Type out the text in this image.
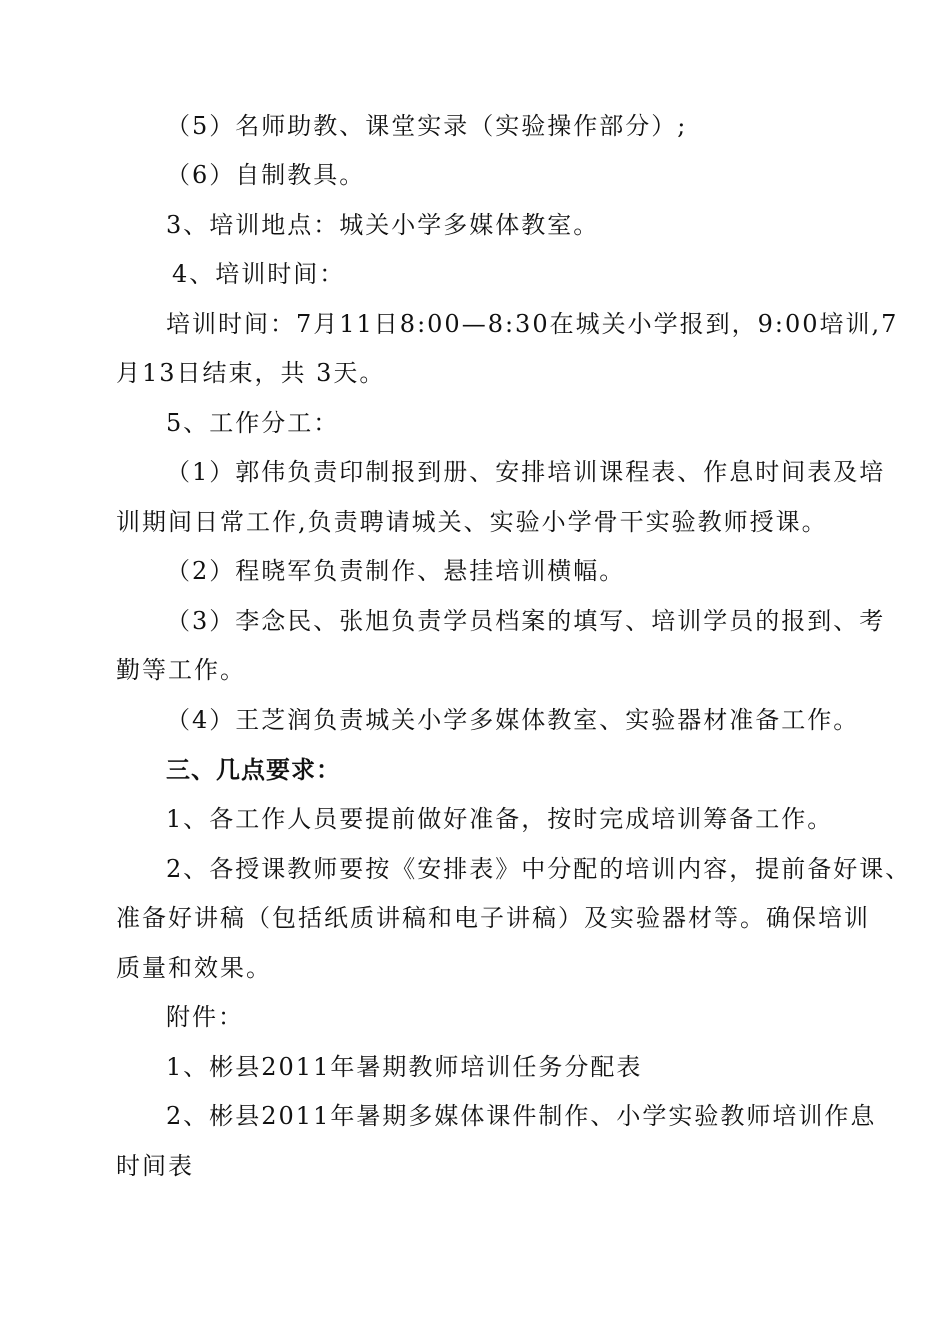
（5）名师助教、课堂实录（实验操作部分）;
（6）自制教具。
3、培训地点：城关小学多媒体教室。
4、培训时间：
培训时间：7月11日8:00—8:30在城关小学报到，9:00培训,7
月13日结束，共 3天。
5、工作分工：
（1）郭伟负责印制报到册、安排培训课程表、作息时间表及培
训期间日常工作,负责聘请城关、实验小学骨干实验教师授课。
（2）程晓军负责制作、悬挂培训横幅。
（3）李念民、张旭负责学员档案的填写、培训学员的报到、考
勤等工作。
（4）王芝润负责城关小学多媒体教室、实验器材准备工作。
三、几点要求：
1、各工作人员要提前做好准备，按时完成培训筹备工作。
2、各授课教师要按《安排表》中分配的培训内容，提前备好课、
准备好讲稿（包括纸质讲稿和电子讲稿）及实验器材等。确保培训
质量和效果。
附件：
1、彬县2011年暑期教师培训任务分配表
2、彬县2011年暑期多媒体课件制作、小学实验教师培训作息
时间表
